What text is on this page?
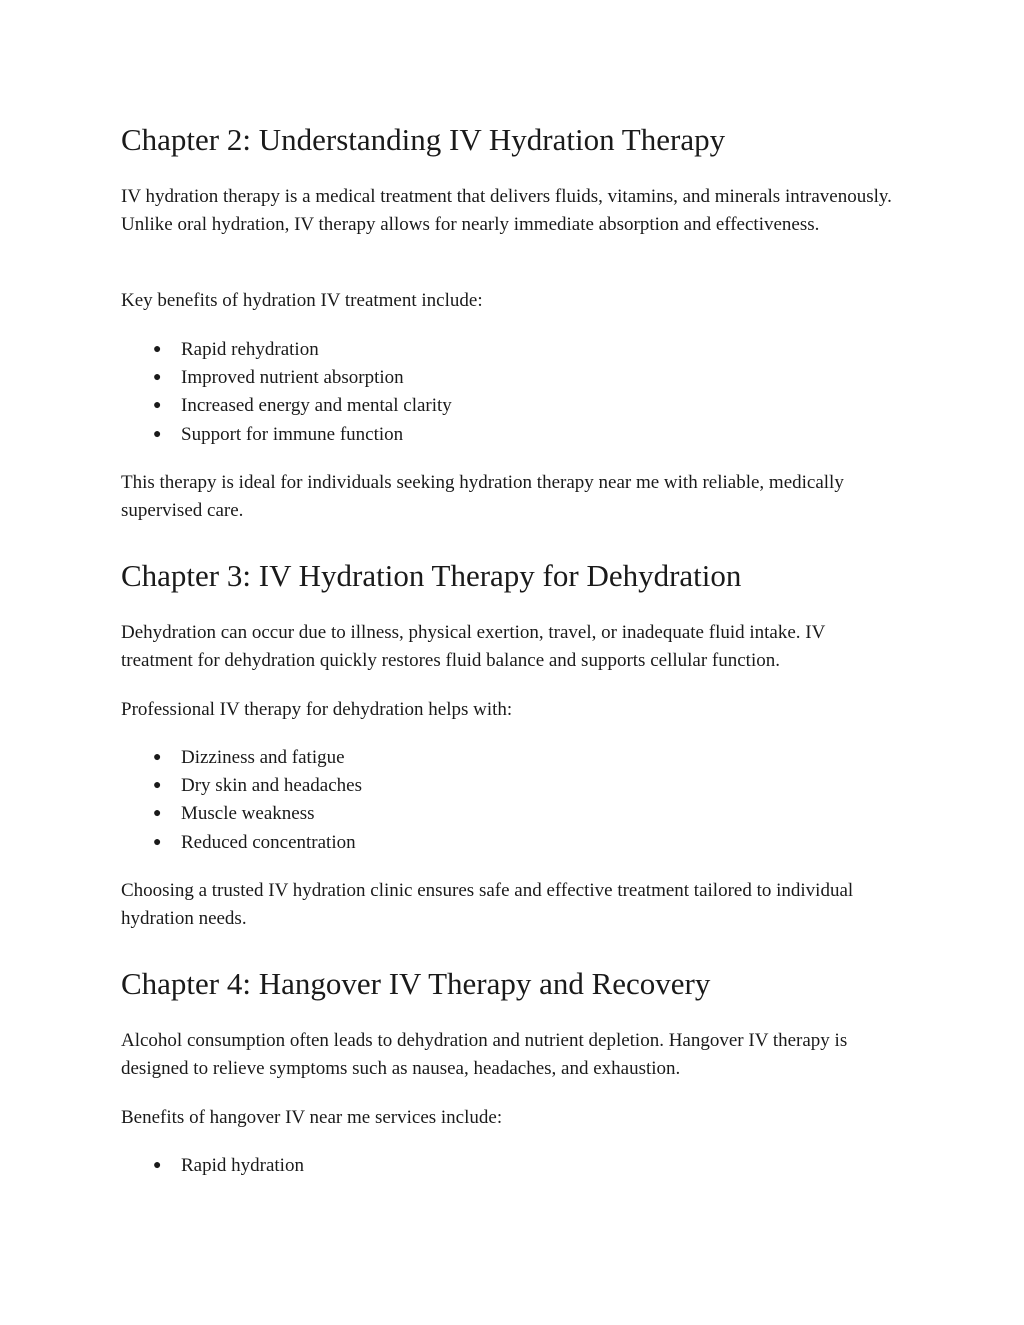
Chapter 2: Understanding IV Hydration Therapy

IV hydration therapy is a medical treatment that delivers fluids, vitamins, and minerals intravenously. Unlike oral hydration, IV therapy allows for nearly immediate absorption and effectiveness.

Key benefits of hydration IV treatment include:

● Rapid rehydration
● Improved nutrient absorption
● Increased energy and mental clarity
● Support for immune function

This therapy is ideal for individuals seeking hydration therapy near me with reliable, medically supervised care.

Chapter 3: IV Hydration Therapy for Dehydration

Dehydration can occur due to illness, physical exertion, travel, or inadequate fluid intake. IV treatment for dehydration quickly restores fluid balance and supports cellular function.

Professional IV therapy for dehydration helps with:

● Dizziness and fatigue
● Dry skin and headaches
● Muscle weakness
● Reduced concentration

Choosing a trusted IV hydration clinic ensures safe and effective treatment tailored to individual hydration needs.

Chapter 4: Hangover IV Therapy and Recovery

Alcohol consumption often leads to dehydration and nutrient depletion. Hangover IV therapy is designed to relieve symptoms such as nausea, headaches, and exhaustion.

Benefits of hangover IV near me services include:

● Rapid hydration
